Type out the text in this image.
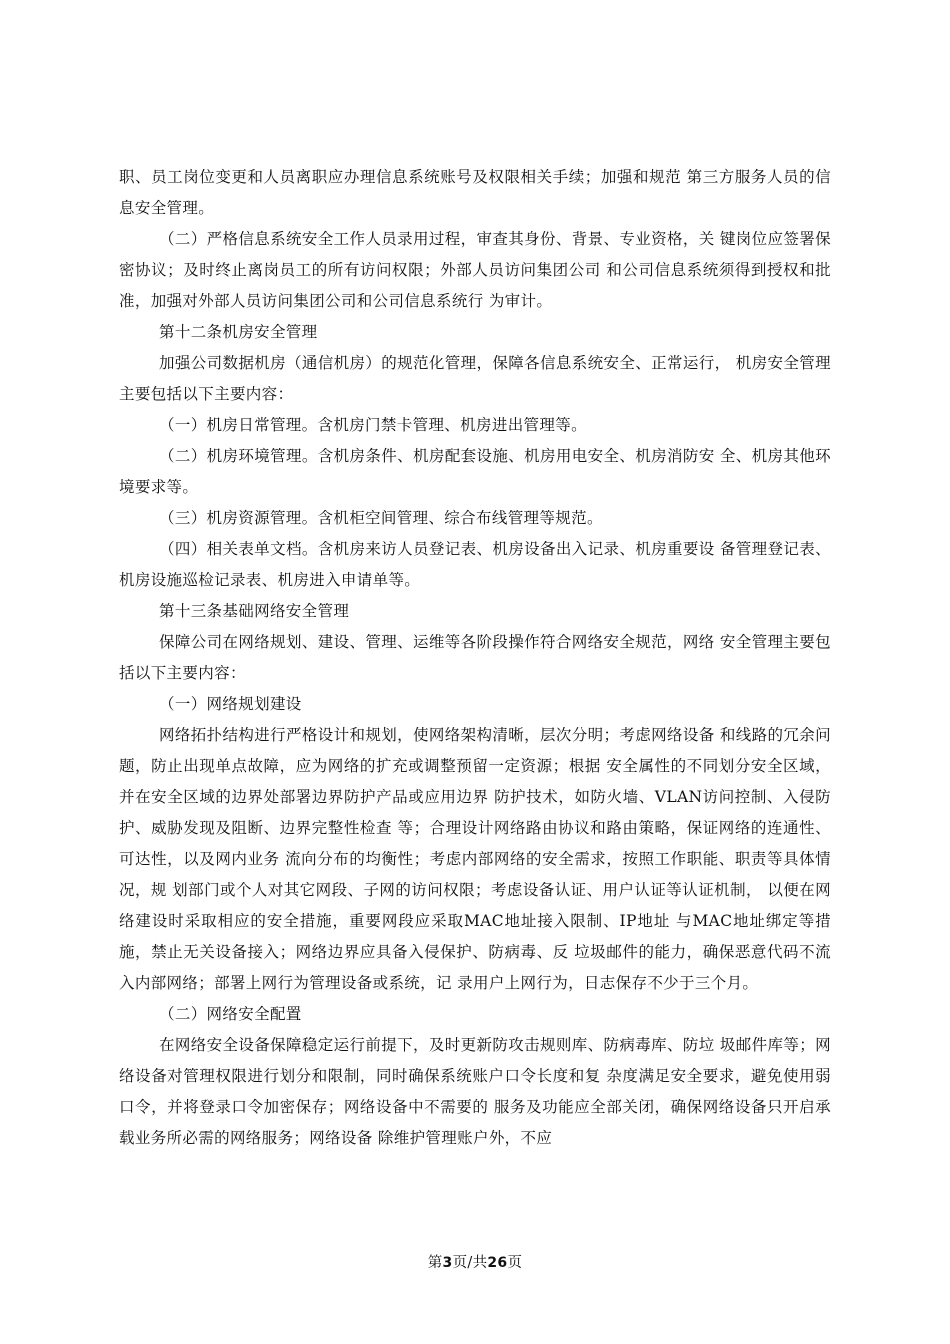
职、员工岗位变更和人员离职应办理信息系统账号及权限相关手续；加强和规范 第三方服务人员的信息安全管理。

（二）严格信息系统安全工作人员录用过程，审查其身份、背景、专业资格，关 键岗位应签署保密协议；及时终止离岗员工的所有访问权限；外部人员访问集团公司 和公司信息系统须得到授权和批准，加强对外部人员访问集团公司和公司信息系统行 为审计。

第十二条机房安全管理

加强公司数据机房（通信机房）的规范化管理，保障各信息系统安全、正常运行， 机房安全管理主要包括以下主要内容：

（一）机房日常管理。含机房门禁卡管理、机房进出管理等。

（二）机房环境管理。含机房条件、机房配套设施、机房用电安全、机房消防安 全、机房其他环境要求等。

（三）机房资源管理。含机柜空间管理、综合布线管理等规范。

（四）相关表单文档。含机房来访人员登记表、机房设备出入记录、机房重要设 备管理登记表、机房设施巡检记录表、机房进入申请单等。

第十三条基础网络安全管理

保障公司在网络规划、建设、管理、运维等各阶段操作符合网络安全规范，网络 安全管理主要包括以下主要内容：

（一）网络规划建设

网络拓扑结构进行严格设计和规划，使网络架构清晰，层次分明；考虑网络设备 和线路的冗余问题，防止出现单点故障，应为网络的扩充或调整预留一定资源；根据 安全属性的不同划分安全区域，并在安全区域的边界处部署边界防护产品或应用边界 防护技术，如防火墙、VLAN访问控制、入侵防护、威胁发现及阻断、边界完整性检查 等；合理设计网络路由协议和路由策略，保证网络的连通性、可达性，以及网内业务 流向分布的均衡性；考虑内部网络的安全需求，按照工作职能、职责等具体情况，规 划部门或个人对其它网段、子网的访问权限；考虑设备认证、用户认证等认证机制， 以便在网络建设时采取相应的安全措施，重要网段应采取MAC地址接入限制、IP地址 与MAC地址绑定等措施，禁止无关设备接入；网络边界应具备入侵保护、防病毒、反 垃圾邮件的能力，确保恶意代码不流入内部网络；部署上网行为管理设备或系统，记 录用户上网行为，日志保存不少于三个月。

（二）网络安全配置

在网络安全设备保障稳定运行前提下，及时更新防攻击规则库、防病毒库、防垃 圾邮件库等；网络设备对管理权限进行划分和限制，同时确保系统账户口令长度和复 杂度满足安全要求，避免使用弱口令，并将登录口令加密保存；网络设备中不需要的 服务及功能应全部关闭，确保网络设备只开启承载业务所必需的网络服务；网络设备 除维护管理账户外，不应

第3页/共26页
